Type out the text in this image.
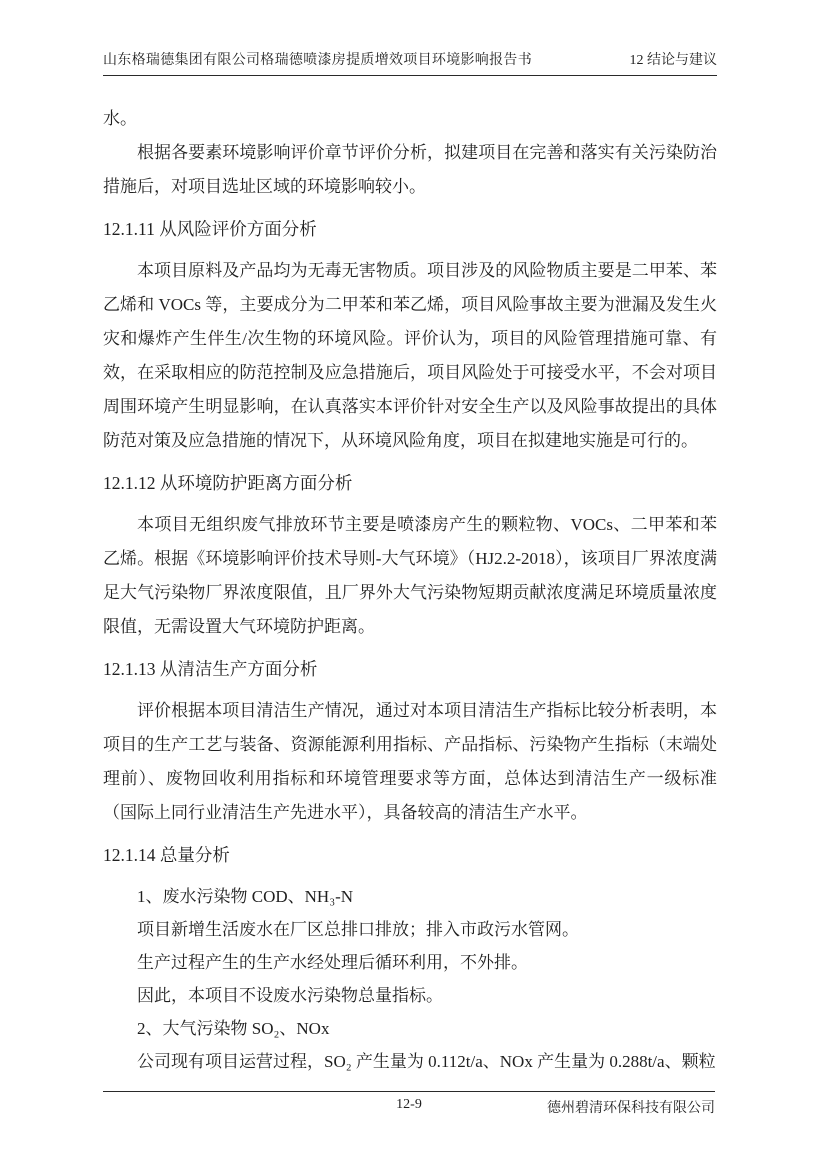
山东格瑞德集团有限公司格瑞德喷漆房提质增效项目环境影响报告书	12 结论与建议

水。

根据各要素环境影响评价章节评价分析，拟建项目在完善和落实有关污染防治措施后，对项目选址区域的环境影响较小。

12.1.11 从风险评价方面分析

本项目原料及产品均为无毒无害物质。项目涉及的风险物质主要是二甲苯、苯乙烯和 VOCs 等，主要成分为二甲苯和苯乙烯，项目风险事故主要为泄漏及发生火灾和爆炸产生伴生/次生物的环境风险。评价认为，项目的风险管理措施可靠、有效，在采取相应的防范控制及应急措施后，项目风险处于可接受水平，不会对项目周围环境产生明显影响，在认真落实本评价针对安全生产以及风险事故提出的具体防范对策及应急措施的情况下，从环境风险角度，项目在拟建地实施是可行的。

12.1.12 从环境防护距离方面分析

本项目无组织废气排放环节主要是喷漆房产生的颗粒物、VOCs、二甲苯和苯乙烯。根据《环境影响评价技术导则-大气环境》（HJ2.2-2018），该项目厂界浓度满足大气污染物厂界浓度限值，且厂界外大气污染物短期贡献浓度满足环境质量浓度限值，无需设置大气环境防护距离。

12.1.13 从清洁生产方面分析

评价根据本项目清洁生产情况，通过对本项目清洁生产指标比较分析表明，本项目的生产工艺与装备、资源能源利用指标、产品指标、污染物产生指标（末端处理前）、废物回收利用指标和环境管理要求等方面，总体达到清洁生产一级标准（国际上同行业清洁生产先进水平），具备较高的清洁生产水平。

12.1.14 总量分析

1、废水污染物 COD、NH₃-N

项目新增生活废水在厂区总排口排放；排入市政污水管网。

生产过程产生的生产水经处理后循环利用，不外排。

因此，本项目不设废水污染物总量指标。

2、大气污染物 SO₂、NOx

公司现有项目运营过程，SO₂ 产生量为 0.112t/a、NOx 产生量为 0.288t/a、颗粒

12-9	德州碧清环保科技有限公司
